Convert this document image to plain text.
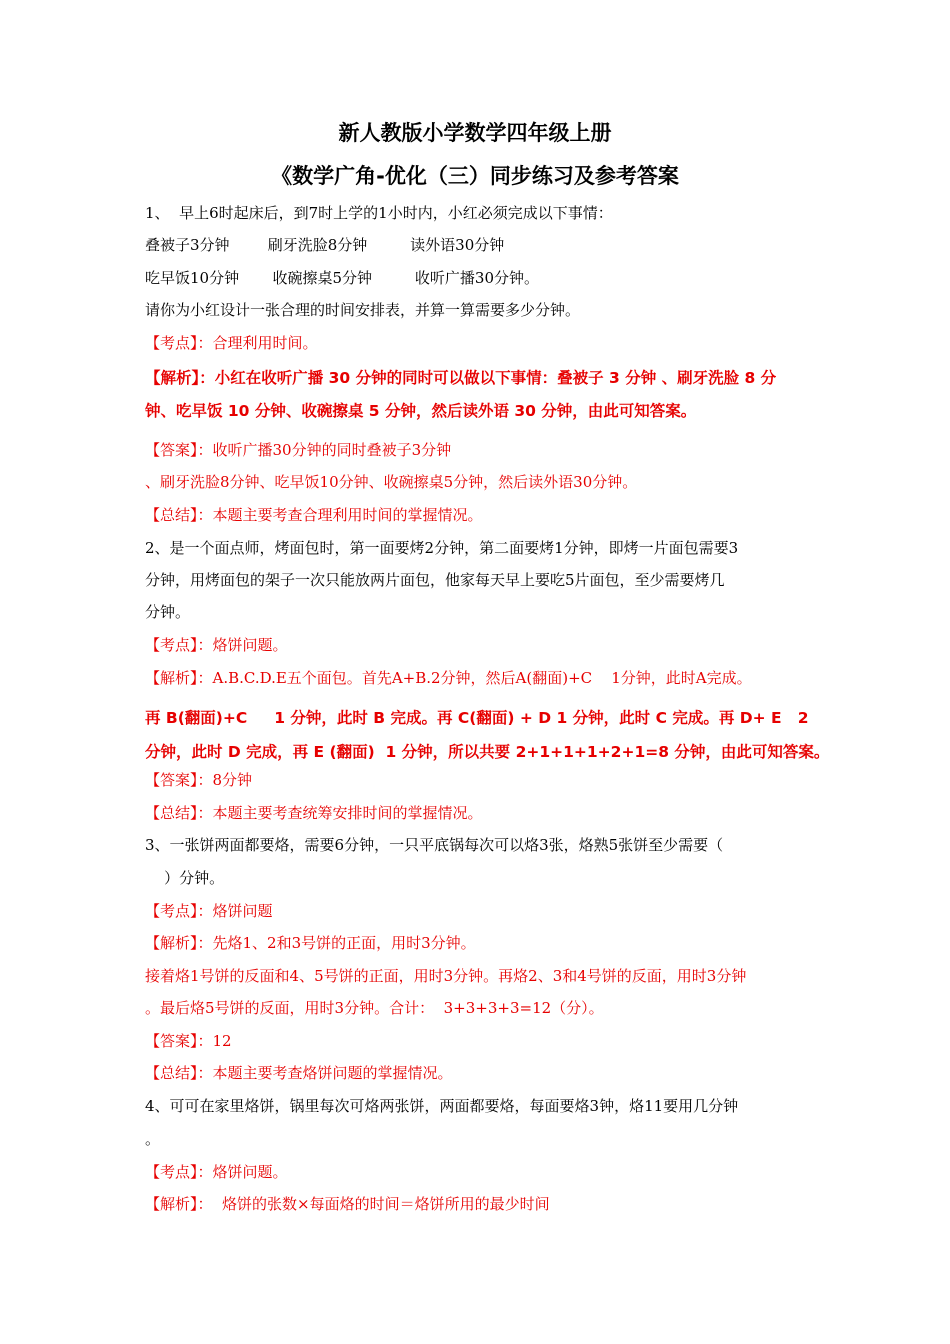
新人教版小学数学四年级上册
《数学广角-优化（三）同步练习及参考答案
1、  早上6时起床后，到7时上学的1小时内，小红必须完成以下事情：
叠被子3分钟        刷牙洗脸8分钟         读外语30分钟
吃早饭10分钟       收碗擦桌5分钟         收听广播30分钟。
请你为小红设计一张合理的时间安排表，并算一算需要多少分钟。
【考点】：合理利用时间。
【解析】：小红在收听广播 30 分钟的同时可以做以下事情：叠被子 3 分钟 、刷牙洗脸 8 分
钟、吃早饭 10 分钟、收碗擦桌 5 分钟，然后读外语 30 分钟，由此可知答案。
【答案】：收听广播30分钟的同时叠被子3分钟
、刷牙洗脸8分钟、吃早饭10分钟、收碗擦桌5分钟，然后读外语30分钟。
【总结】：本题主要考查合理利用时间的掌握情况。
2、是一个面点师，烤面包时，第一面要烤2分钟，第二面要烤1分钟，即烤一片面包需要3
分钟，用烤面包的架子一次只能放两片面包，他家每天早上要吃5片面包，至少需要烤几
分钟。
【考点】：烙饼问题。
【解析】：A.B.C.D.E五个面包。首先A+B.2分钟，然后A(翻面)+C    1分钟，此时A完成。
再 B(翻面)+C     1 分钟，此时 B 完成。再 C(翻面) + D 1 分钟，此时 C 完成。再 D+ E   2
分钟，此时 D 完成，再 E (翻面)  1 分钟，所以共要 2+1+1+1+2+1=8 分钟，由此可知答案。
【答案】：8分钟
【总结】：本题主要考查统筹安排时间的掌握情况。
3、一张饼两面都要烙，需要6分钟，一只平底锅每次可以烙3张，烙熟5张饼至少需要（
）分钟。
【考点】：烙饼问题
【解析】：先烙1、2和3号饼的正面，用时3分钟。
接着烙1号饼的反面和4、5号饼的正面，用时3分钟。再烙2、3和4号饼的反面，用时3分钟
。最后烙5号饼的反面，用时3分钟。合计：  3+3+3+3=12（分）。
【答案】：12
【总结】：本题主要考查烙饼问题的掌握情况。
4、可可在家里烙饼，锅里每次可烙两张饼，两面都要烙，每面要烙3钟，烙11要用几分钟
。
【考点】：烙饼问题。
【解析】：  烙饼的张数×每面烙的时间＝烙饼所用的最少时间
